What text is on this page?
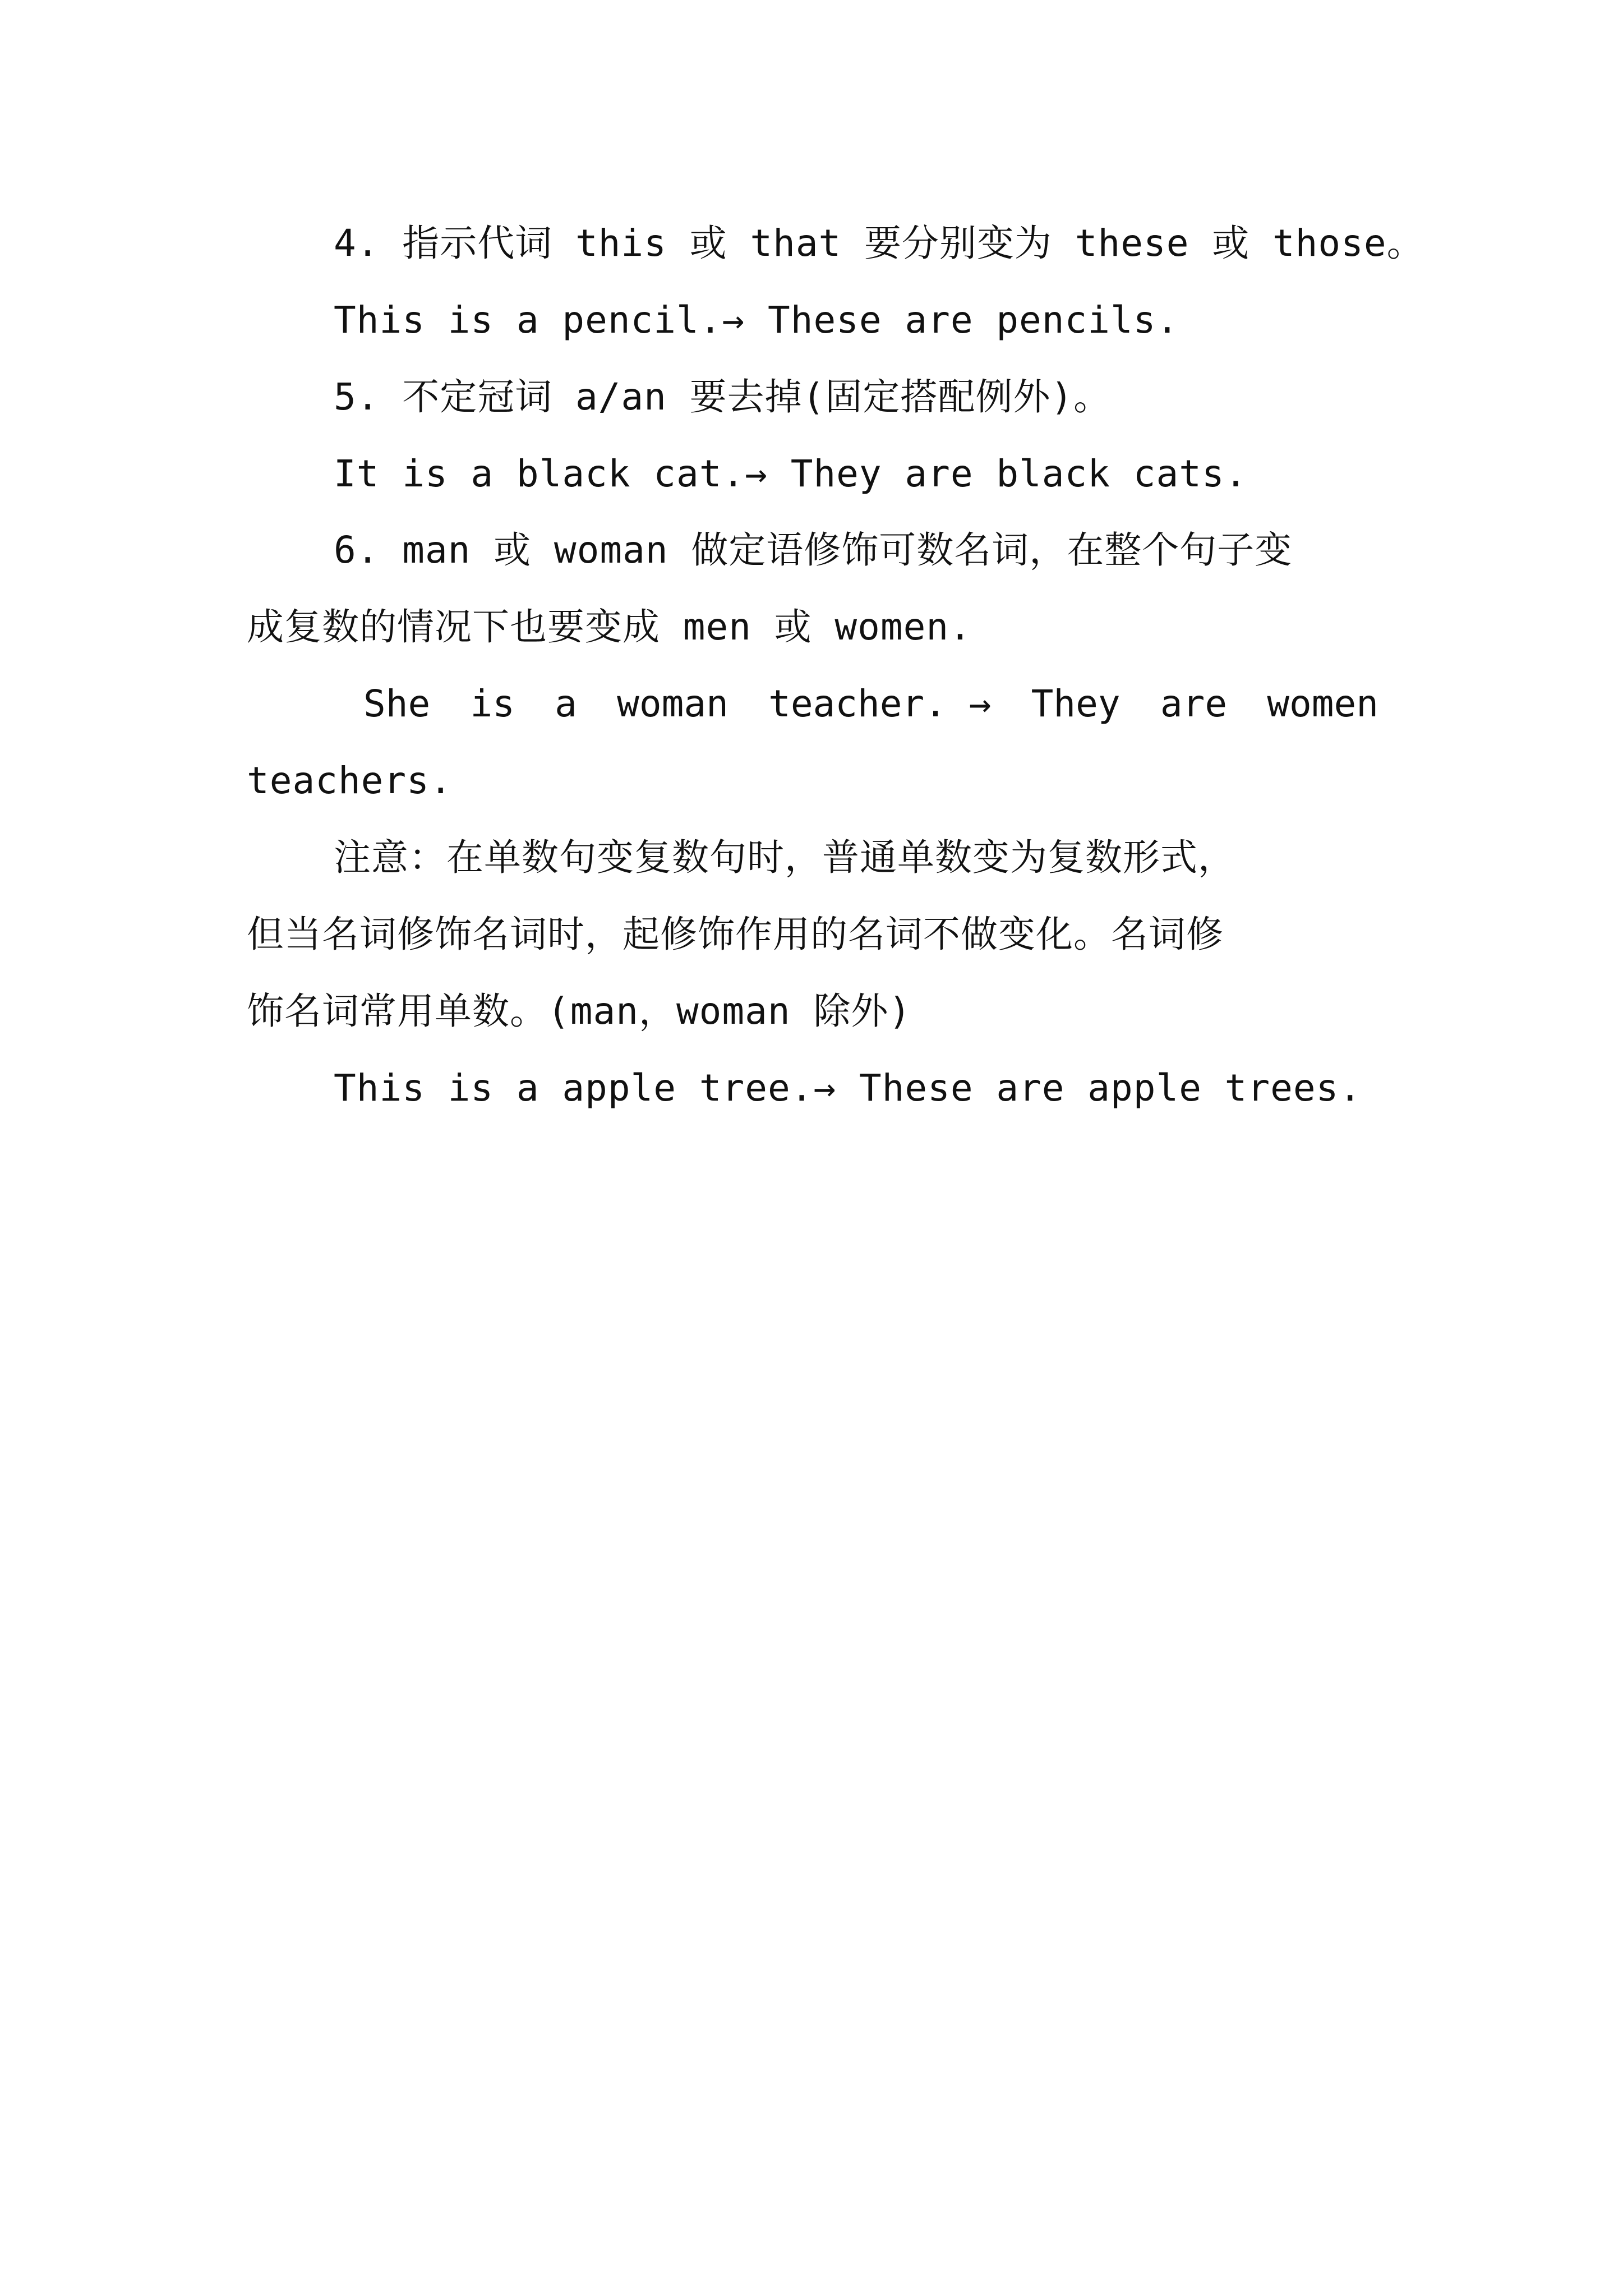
4. 指示代词 this 或 that 要分别变为 these 或 those。
This is a pencil.→ These are pencils.
5. 不定冠词 a/an 要去掉(固定搭配例外)。
It is a black cat.→ They are black cats.
6. man 或 woman 做定语修饰可数名词，在整个句子变
成复数的情况下也要变成 men 或 women.
She is a woman teacher. → They are women
teachers.
注意：在单数句变复数句时，普通单数变为复数形式，
但当名词修饰名词时，起修饰作用的名词不做变化。名词修
饰名词常用单数。(man，woman 除外)
This is a apple tree.→ These are apple trees.
